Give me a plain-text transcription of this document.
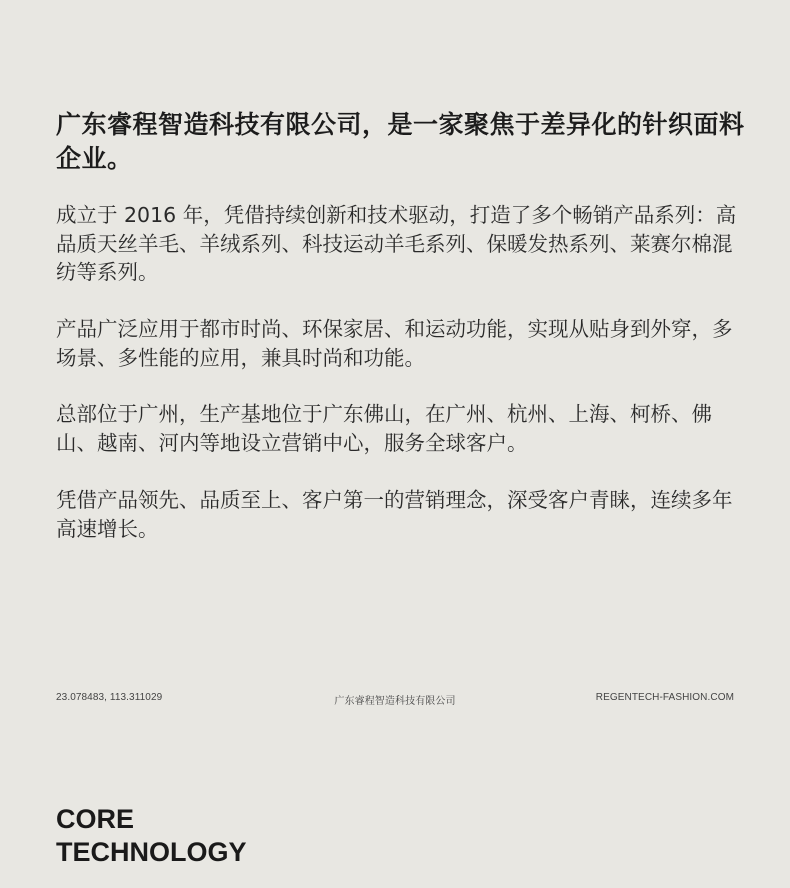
广东睿程智造科技有限公司，是一家聚焦于差异化的针织面料企业。

成立于 2016 年，凭借持续创新和技术驱动，打造了多个畅销产品系列：高品质天丝羊毛、羊绒系列、科技运动羊毛系列、保暖发热系列、莱赛尔棉混纺等系列。

产品广泛应用于都市时尚、环保家居、和运动功能，实现从贴身到外穿，多场景、多性能的应用，兼具时尚和功能。

总部位于广州，生产基地位于广东佛山，在广州、杭州、上海、柯桥、佛山、越南、河内等地设立营销中心，服务全球客户。

凭借产品领先、品质至上、客户第一的营销理念，深受客户青睐，连续多年高速增长。

23.078483, 113.311029	广东睿程智造科技有限公司	REGENTECH-FASHION.COM
CORE
TECHNOLOGY
